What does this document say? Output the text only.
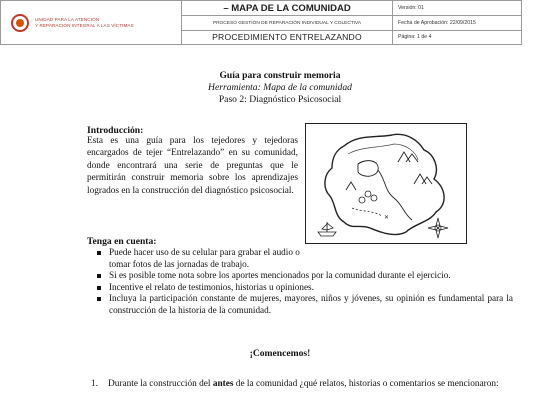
UNIDAD PARA LA ATENCIÓN
Y REPARACIÓN INTEGRAL A LAS VÍCTIMAS	– MAPA DE LA COMUNIDAD	Versión: 01
	PROCESO GESTIÓN DE REPARACIÓN INDIVIDUAL Y COLECTIVA	Fecha de Aprobación: 22/09/2015
	PROCEDIMIENTO ENTRELAZANDO	Página: 1 de 4
Guía para construir memoria
Herramienta: Mapa de la comunidad
Paso 2: Diagnóstico Psicosocial
Introducción:

Esta es una guía para los tejedores y tejedoras encargados de tejer “Entrelazando” en su comunidad, donde encontrará una serie de preguntas que le permitirán construir memoria sobre los aprendizajes logrados en la construcción del diagnóstico psicosocial.

✕
Tenga en cuenta:
Puede hacer uso de su celular para grabar el audio o tomar fotos de las jornadas de trabajo.
Si es posible tome nota sobre los aportes mencionados por la comunidad durante el ejercicio.
Incentive el relato de testimonios, historias u opiniones.
Incluya la participación constante de mujeres, mayores, niños y jóvenes, su opinión es fundamental para la construcción de la historia de la comunidad.
¡Comencemos!

1. Durante la construcción del antes de la comunidad ¿qué relatos, historias o comentarios se mencionaron:
